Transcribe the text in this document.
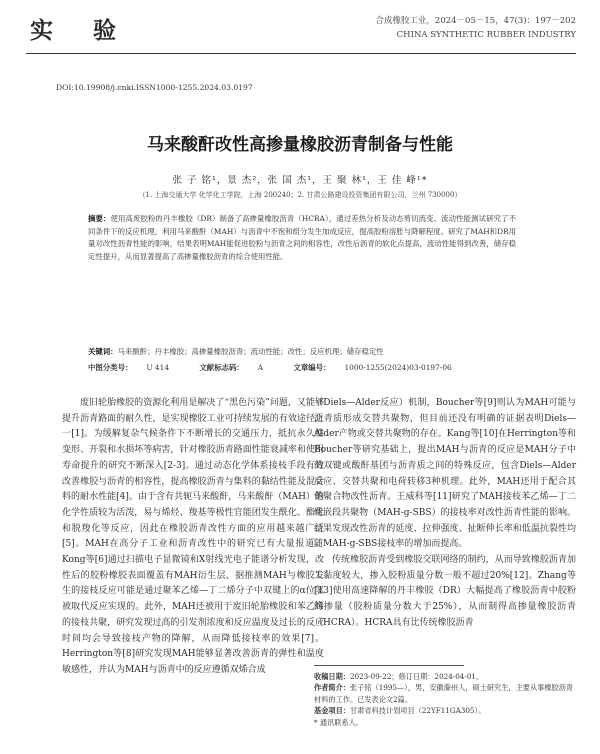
实 验	合成橡胶工业，2024－05－15，47(3)：197－202
CHINA SYNTHETIC RUBBER INDUSTRY
DOI:10.19908/j.cnki.ISSN1000-1255.2024.03.0197
马来酸酐改性高掺量橡胶沥青制备与性能
张 子 铭¹，景 杰²，张 国 杰¹，王 聚 林¹，王 佳 峰¹*
（1. 上海交通大学 化学化工学院，上海 200240；2. 甘肃公路建设投资集团有限公司，兰州 730000）

摘要：使用高废胶粉的丹丰橡胶（DR）制备了高掺量橡胶沥青（HCRA），通过差热分析及动态剪切流变、流动性能测试研究了不同条件下的反应机理，利用马来酸酐（MAH）与沥青中不饱和组分发生加成反应，提高胶粉溶胀与降解程度。研究了MAH和DR用量对改性沥青性能的影响，结果表明MAH能促进胶粉与沥青之间的相容性，改性后沥青的软化点提高，流动性能得到改善，储存稳定性提升，从而显著提高了高掺量橡胶沥青的综合使用性能。

关键词：马来酸酐；丹丰橡胶；高掺量橡胶沥青；流动性能；改性；反应机理；储存稳定性

中图分类号： U 414	文献标志码： A	文章编号： 1000-1255(2024)03-0197-06

废旧轮胎橡胶的资源化利用是解决了“黑色污染”问题，又能够提升沥青路面的耐久性，是实现橡胶工业可持续发展的有效途径之一[1]。为缓解复杂气候条件下不断增长的交通压力，抵抗永久性变形、开裂和水损坏等病害，针对橡胶沥青路面性能衰减率和使用寿命提升的研究不断深入[2-3]。通过动态化学体系接枝手段有效改善橡胶与沥青的相容性，提高橡胶沥青与集料的黏结性能及混合料的耐水性能[4]。由于含有共轭马来酸酐，马来酸酐（MAH）的化学性质较为活泼，易与烯烃、羧基等极性官能团发生酰化、酯化和脱羧化等反应，因此在橡胶沥青改性方面的应用越来越广泛[5]。MAH在高分子工业和沥青改性中的研究已有大量报道。Kong等[6]通过扫描电子显微镜和X射线光电子能谱分析发现，改性后的胶粉橡胶表面覆盖有MAH衍生层，据推测MAH与橡胶发生的接枝反应可能是通过聚苯乙烯—丁二烯分子中双键上的α位氢被取代反应实现的。此外，MAH还被用于废旧轮胎橡胶和苯乙烯的接枝共聚，研究发现过高的引发剂浓度和反应温度及过长的反应时间均会导致接枝产物的降解，从而降低接枝率的效果[7]。Herrington等[8]研究发现MAH能够显著改善沥青的弹性和温度敏感性，并认为MAH与沥青中的反应遵循双烯合成

（Diels—Alder反应）机制，Boucher等[9]则认为MAH可能与沥青质形成交替共聚物，但目前还没有明确的证据表明Diels—Alder产物或交替共聚物的存在。Kang等[10]在Herrington等和Boucher等研究基础上，提出MAH与沥青的反应是MAH分子中的双键或酸酐基团与沥青质之间的特殊反应，包含Diels—Alder反应、交替共聚和电荷转移3种机理。此外，MAH还用于配合其他聚合物改性沥青。王威科等[11]研究了MAH接枝苯乙烯—丁二烯嵌段共聚物（MAH-g-SBS）的接枝率对改性沥青性能的影响。结果发现改性沥青的延度、拉伸强度、扯断伸长率和低温抗裂性均随MAH-g-SBS接枝率的增加而提高。

传统橡胶沥青受到橡胶交联网络的制约，从而导致橡胶沥青加工黏度较大，掺入胶粉质量分数一般不超过20%[12]。Zhang等[13]使用高速降解的丹丰橡胶（DR）大幅提高了橡胶沥青中胶粉的掺量（胶粉质量分数大于25%），从而制得高掺量橡胶沥青（HCRA）。HCRA具有比传统橡胶沥青

收稿日期：2023-09-22；修订日期：2024-04-01。
作者简介：张子铭（1995—），男，安徽滁州人，硕士研究生，主要从事橡胶沥青材料的工作。已发表论文2篇。
基金项目：甘肃省科技计划项目（22YF11GA305）。
* 通讯联系人。
